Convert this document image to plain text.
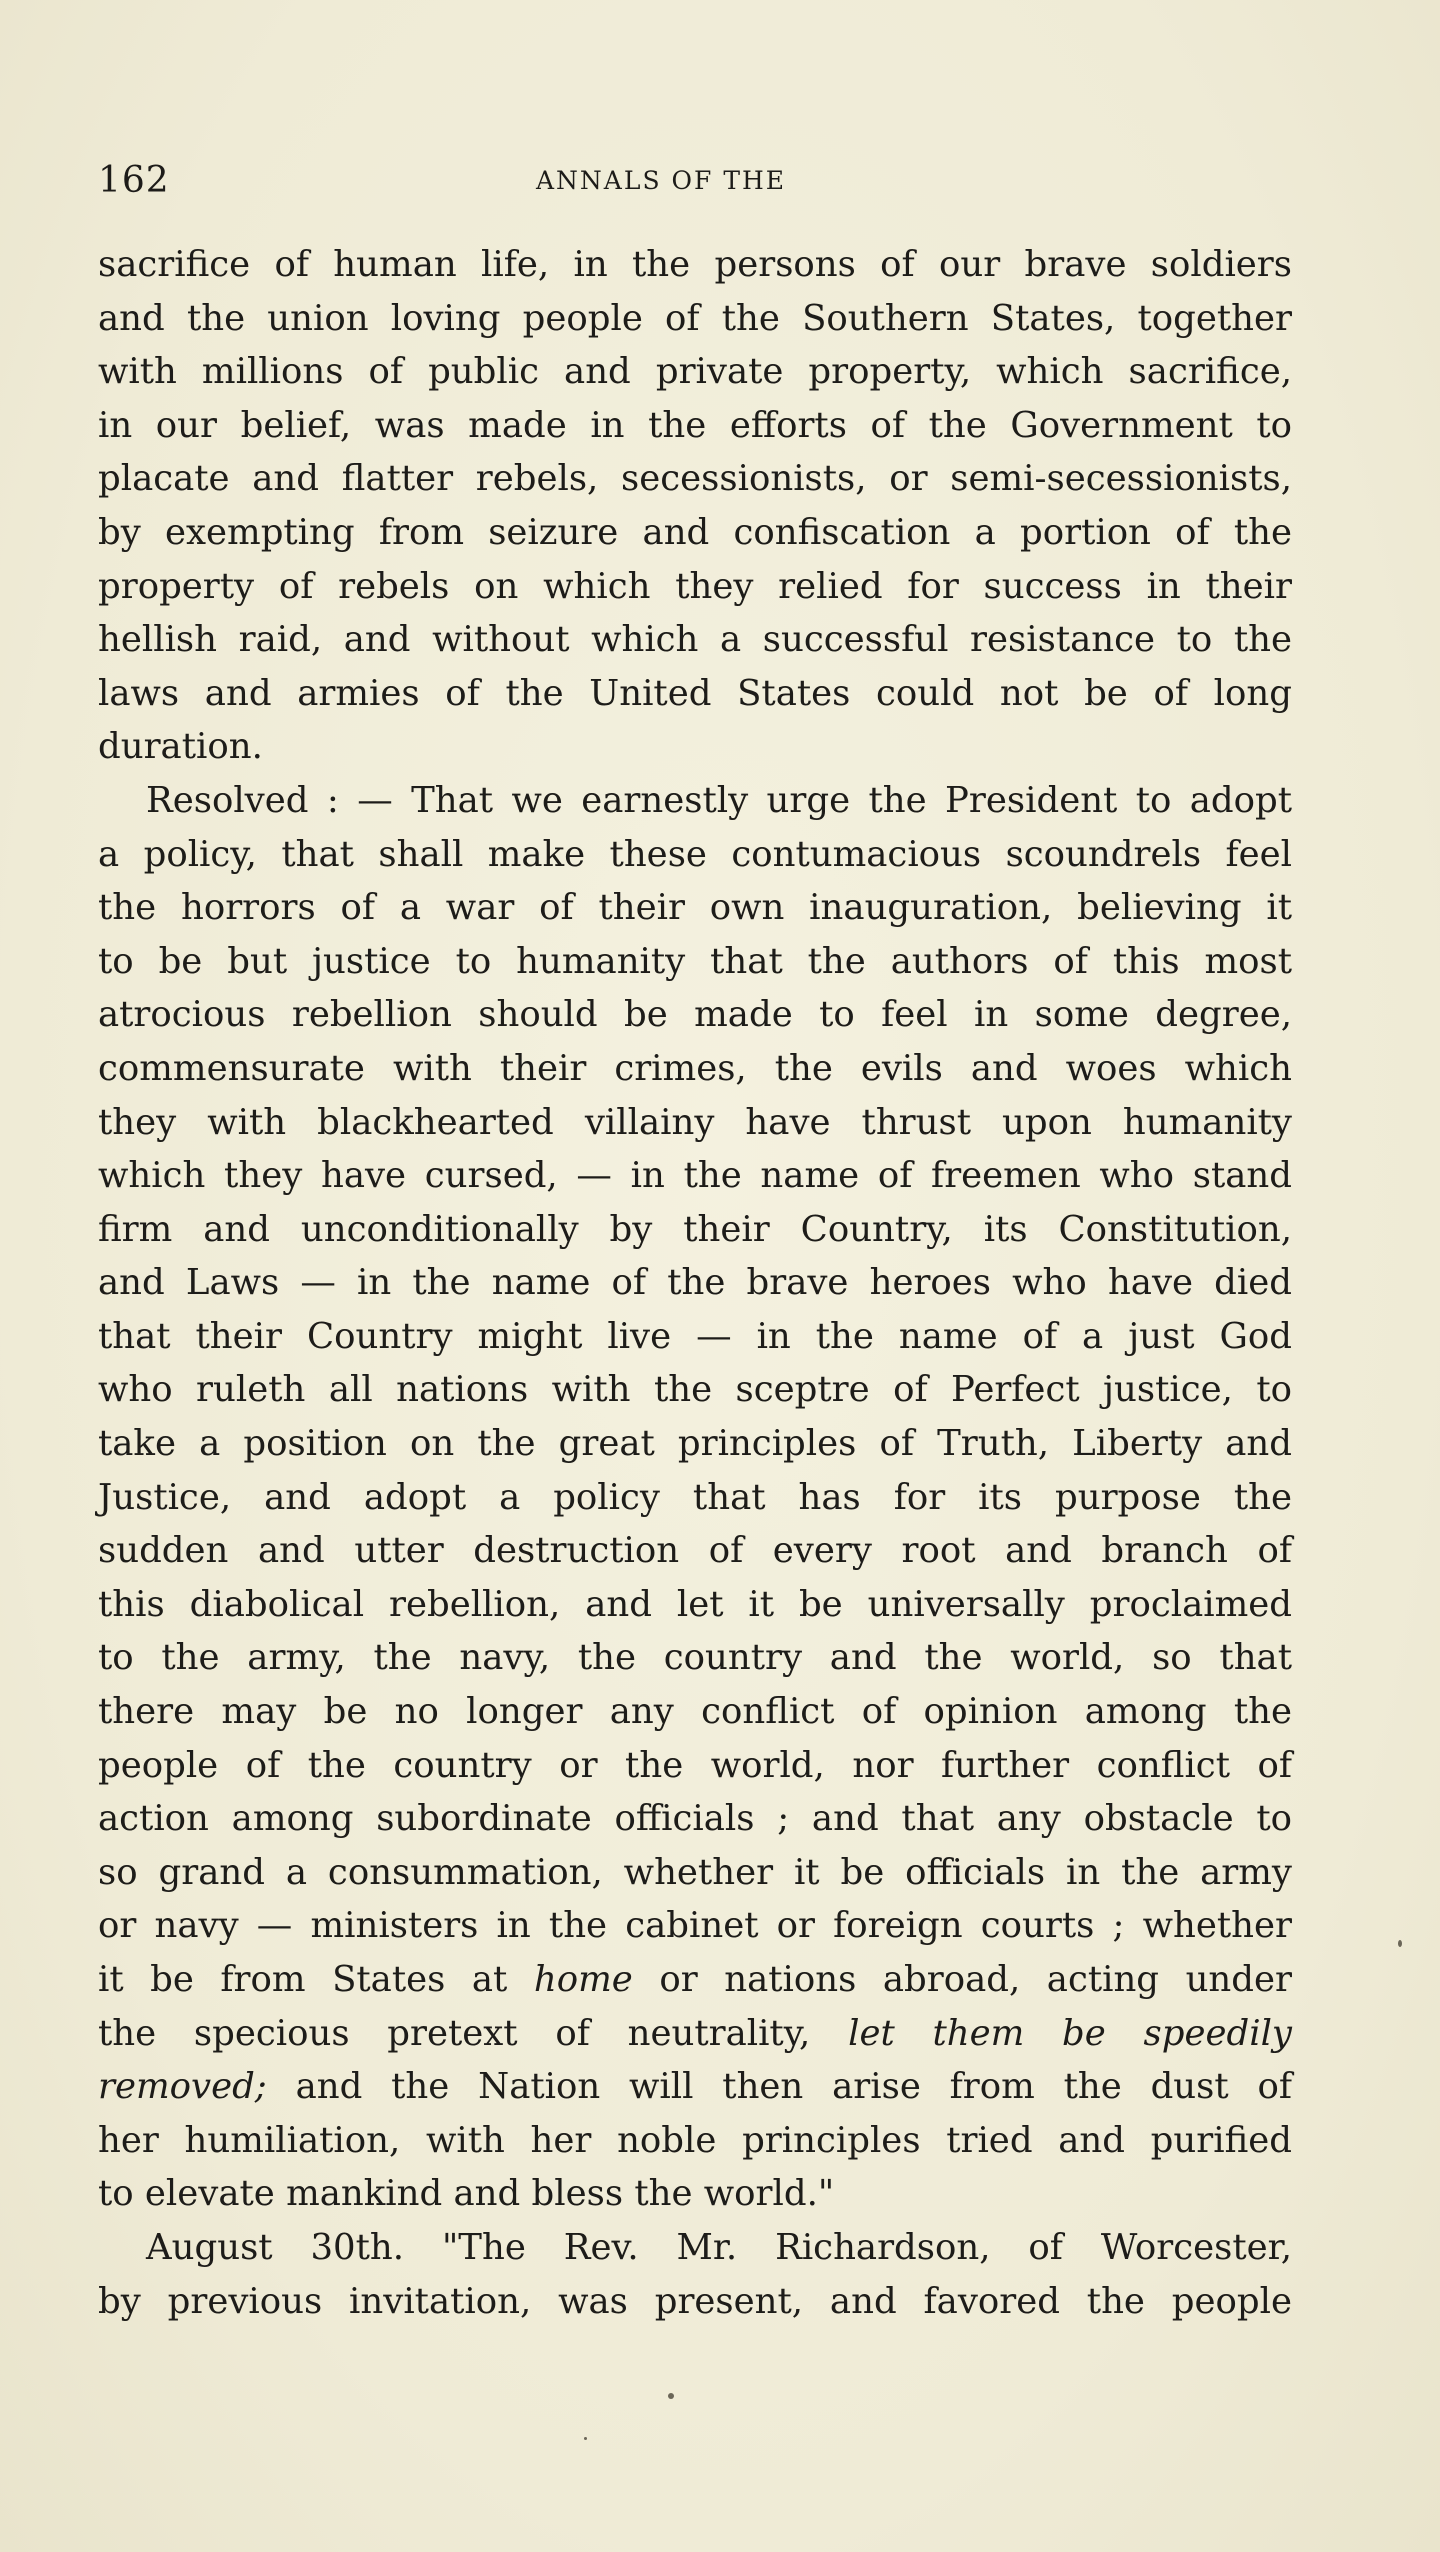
162	ANNALS OF THE
sacrifice of human life, in the persons of our brave soldiers
and the union loving people of the Southern States, together
with millions of public and private property, which sacrifice,
in our belief, was made in the efforts of the Government to
placate and flatter rebels, secessionists, or semi-secessionists,
by exempting from seizure and confiscation a portion of the
property of rebels on which they relied for success in their
hellish raid, and without which a successful resistance to the
laws and armies of the United States could not be of long
duration.
Resolved : — That we earnestly urge the President to adopt
a policy, that shall make these contumacious scoundrels feel
the horrors of a war of their own inauguration, believing it
to be but justice to humanity that the authors of this most
atrocious rebellion should be made to feel in some degree,
commensurate with their crimes, the evils and woes which
they with blackhearted villainy have thrust upon humanity
which they have cursed, — in the name of freemen who stand
firm and unconditionally by their Country, its Constitution,
and Laws — in the name of the brave heroes who have died
that their Country might live — in the name of a just God
who ruleth all nations with the sceptre of Perfect justice, to
take a position on the great principles of Truth, Liberty and
Justice, and adopt a policy that has for its purpose the
sudden and utter destruction of every root and branch of
this diabolical rebellion, and let it be universally proclaimed
to the army, the navy, the country and the world, so that
there may be no longer any conflict of opinion among the
people of the country or the world, nor further conflict of
action among subordinate officials ; and that any obstacle to
so grand a consummation, whether it be officials in the army
or navy — ministers in the cabinet or foreign courts ; whether
it be from States at home or nations abroad, acting under
the specious pretext of neutrality, let them be speedily
removed; and the Nation will then arise from the dust of
her humiliation, with her noble principles tried and purified
to elevate mankind and bless the world."
August 30th. "The Rev. Mr. Richardson, of Worcester,
by previous invitation, was present, and favored the people
